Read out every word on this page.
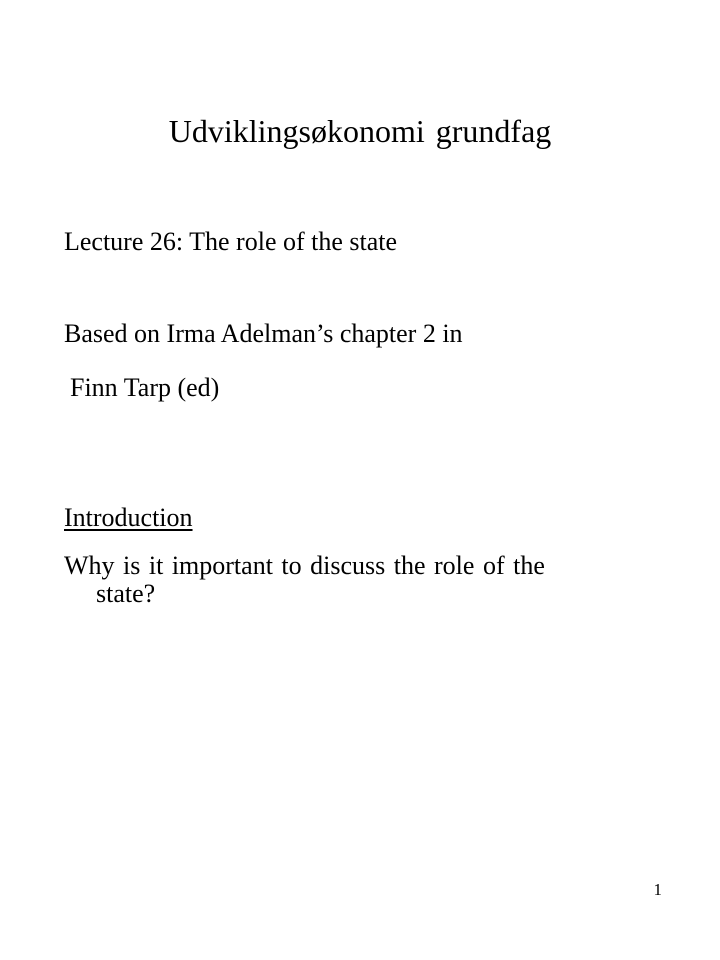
Udviklingsøkonomi grundfag
Lecture 26: The role of the state
Based on Irma Adelman’s chapter 2 in
Finn Tarp (ed)
Introduction
Why is it important to discuss the role of the
state?
1
